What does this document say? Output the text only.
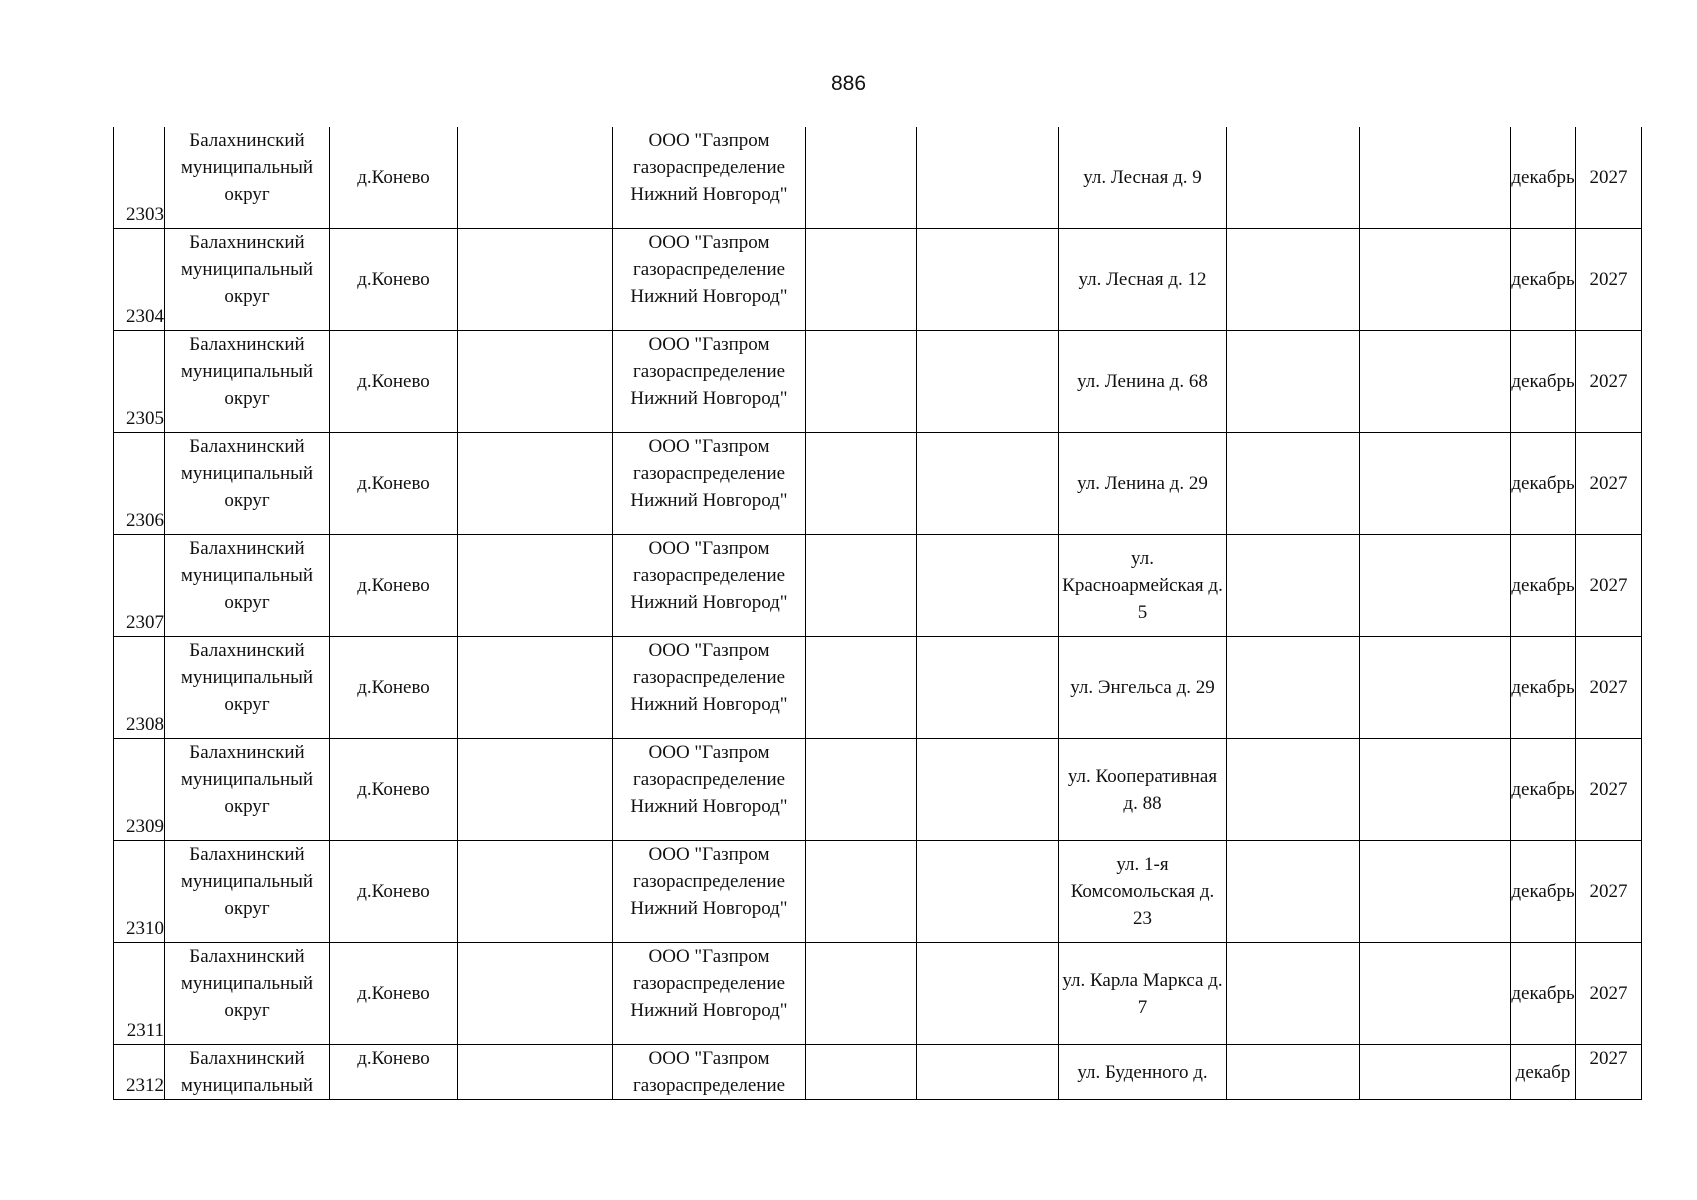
886
2303	Балахнинский муниципальный округ	д.Конево		ООО "Газпром газораспределение Нижний Новгород"			ул. Лесная д. 9			декабрь	2027
2304	Балахнинский муниципальный округ	д.Конево		ООО "Газпром газораспределение Нижний Новгород"			ул. Лесная д. 12			декабрь	2027
2305	Балахнинский муниципальный округ	д.Конево		ООО "Газпром газораспределение Нижний Новгород"			ул. Ленина д. 68			декабрь	2027
2306	Балахнинский муниципальный округ	д.Конево		ООО "Газпром газораспределение Нижний Новгород"			ул. Ленина д. 29			декабрь	2027
2307	Балахнинский муниципальный округ	д.Конево		ООО "Газпром газораспределение Нижний Новгород"			ул. Красноармейская д. 5			декабрь	2027
2308	Балахнинский муниципальный округ	д.Конево		ООО "Газпром газораспределение Нижний Новгород"			ул. Энгельса д. 29			декабрь	2027
2309	Балахнинский муниципальный округ	д.Конево		ООО "Газпром газораспределение Нижний Новгород"			ул. Кооперативная д. 88			декабрь	2027
2310	Балахнинский муниципальный округ	д.Конево		ООО "Газпром газораспределение Нижний Новгород"			ул. 1-я Комсомольская д. 23			декабрь	2027
2311	Балахнинский муниципальный округ	д.Конево		ООО "Газпром газораспределение Нижний Новгород"			ул. Карла Маркса д. 7			декабрь	2027
2312	Балахнинский муниципальный	д.Конево		ООО "Газпром газораспределение			ул. Буденного д.			декабр	2027
